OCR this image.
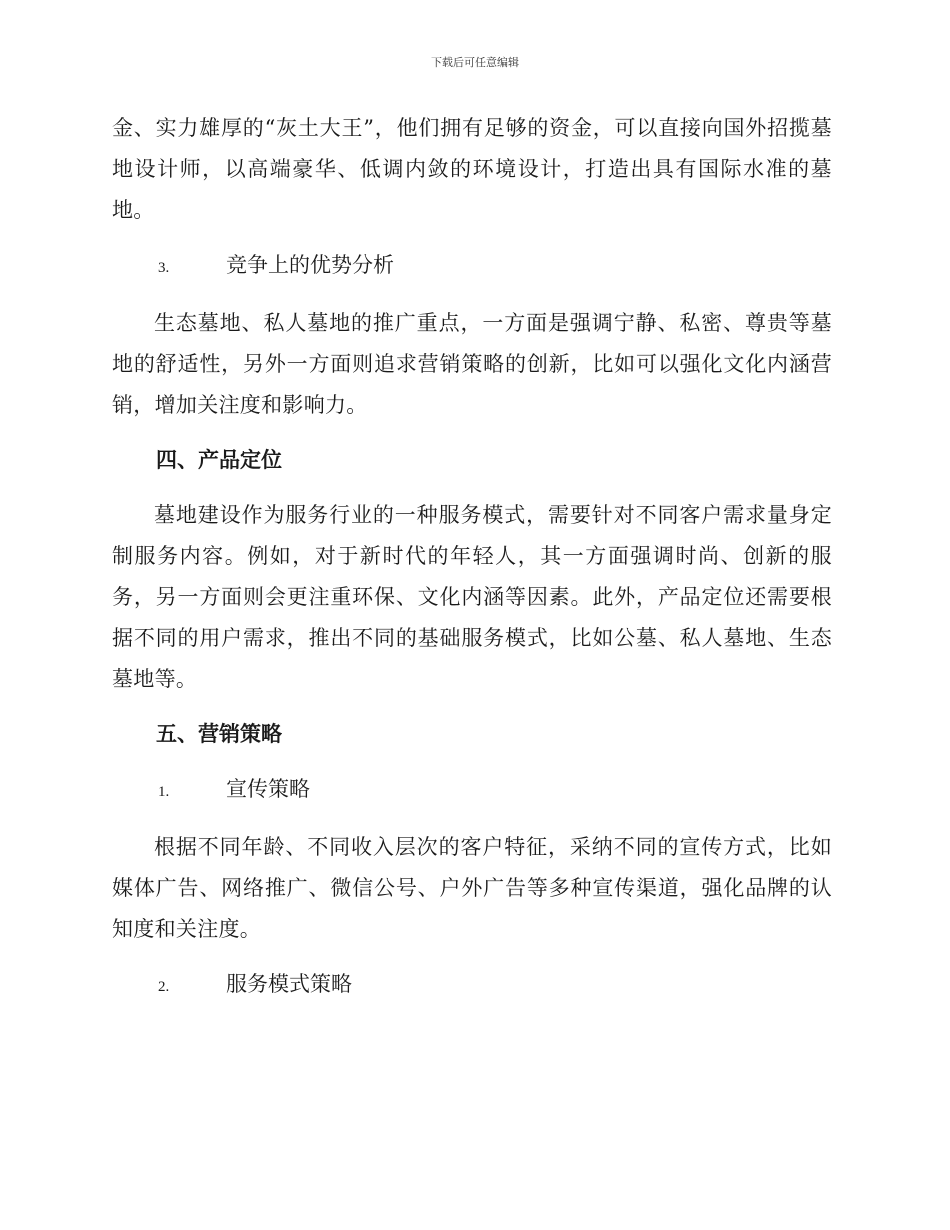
下载后可任意编辑

金、实力雄厚的“灰土大王”，他们拥有足够的资金，可以直接向国外招揽墓地设计师，以高端豪华、低调内敛的环境设计，打造出具有国际水准的墓地。

3.	竞争上的优势分析

生态墓地、私人墓地的推广重点，一方面是强调宁静、私密、尊贵等墓地的舒适性，另外一方面则追求营销策略的创新，比如可以强化文化内涵营销，增加关注度和影响力。

四、产品定位

墓地建设作为服务行业的一种服务模式，需要针对不同客户需求量身定制服务内容。例如，对于新时代的年轻人，其一方面强调时尚、创新的服务，另一方面则会更注重环保、文化内涵等因素。此外，产品定位还需要根据不同的用户需求，推出不同的基础服务模式，比如公墓、私人墓地、生态墓地等。

五、营销策略
1.	宣传策略

根据不同年龄、不同收入层次的客户特征，采纳不同的宣传方式，比如媒体广告、网络推广、微信公号、户外广告等多种宣传渠道，强化品牌的认知度和关注度。

2.	服务模式策略
